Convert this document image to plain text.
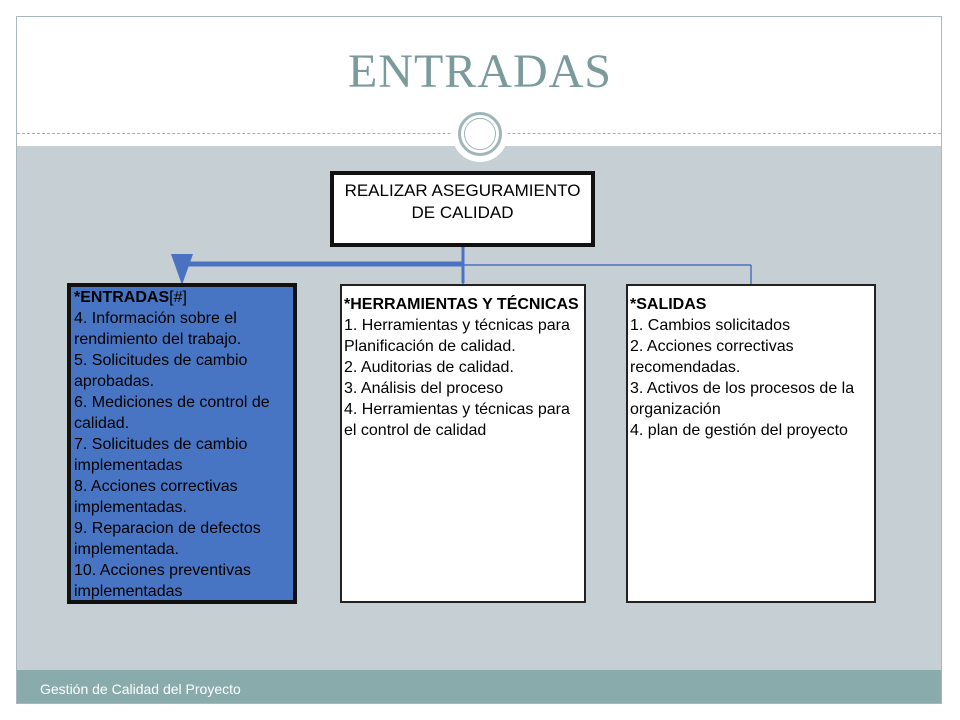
ENTRADAS
Gestión de Calidad del Proyecto
REALIZAR ASEGURAMIENTO
DE CALIDAD
*ENTRADAS[#]
4. Información sobre el rendimiento del trabajo.
5. Solicitudes de cambio aprobadas.
6. Mediciones de control de calidad.
7. Solicitudes de cambio implementadas
8. Acciones correctivas implementadas.
9. Reparacion de defectos implementada.
10. Acciones preventivas implementadas
*HERRAMIENTAS Y TÉCNICAS
1. Herramientas y técnicas para Planificación de calidad.
2. Auditorias de calidad.
3. Análisis del proceso
4. Herramientas y técnicas para el control de calidad
*SALIDAS
1. Cambios solicitados
2. Acciones correctivas recomendadas.
3. Activos de los procesos de la organización
4. plan de gestión del proyecto
